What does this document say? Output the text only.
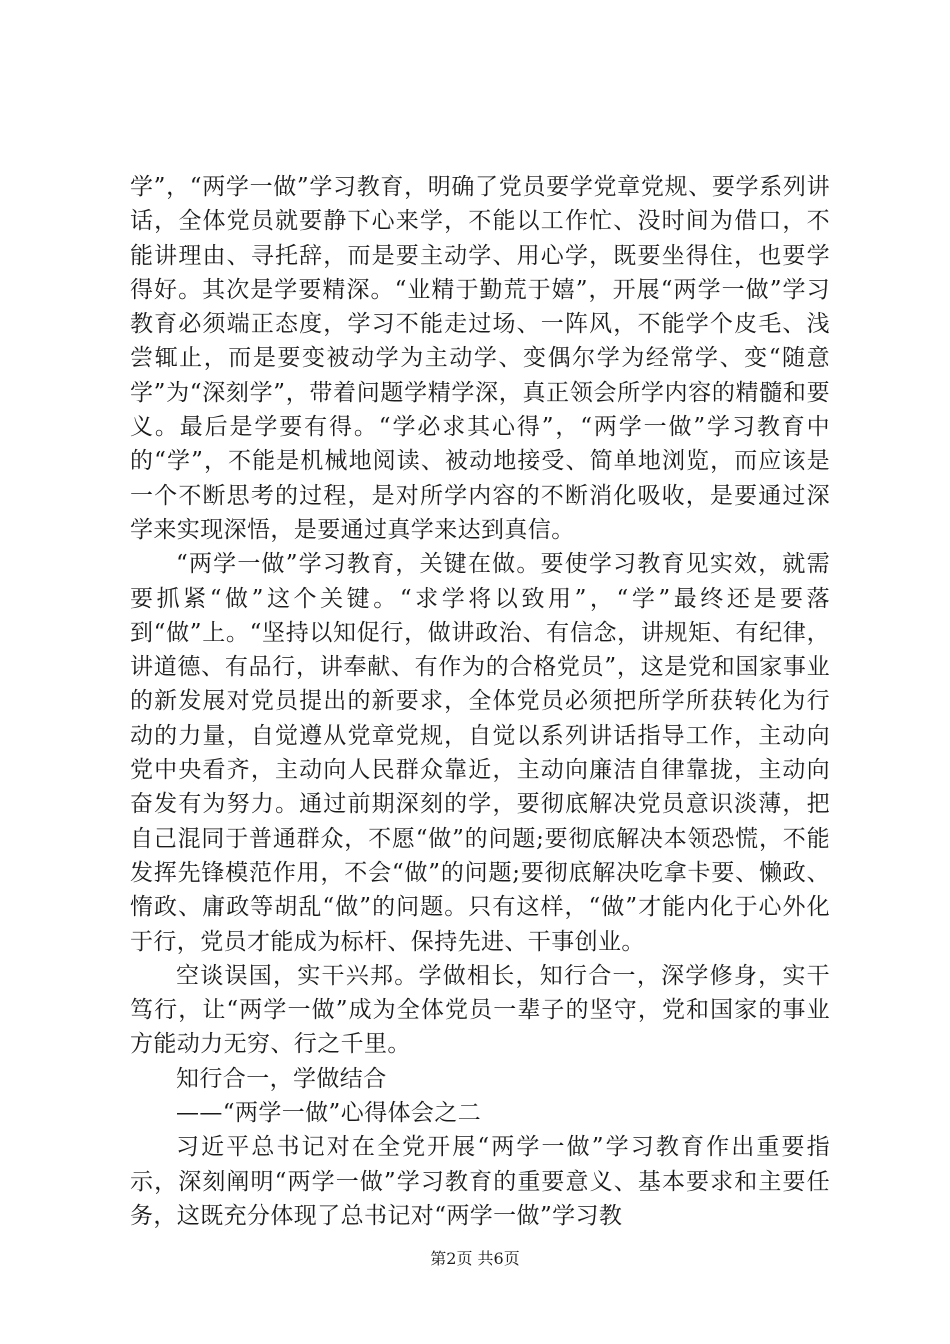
学”，“两学一做”学习教育，明确了党员要学党章党规、要学系列讲话，全体党员就要静下心来学，不能以工作忙、没时间为借口，不能讲理由、寻托辞，而是要主动学、用心学，既要坐得住，也要学得好。其次是学要精深。“业精于勤荒于嬉”，开展“两学一做”学习教育必须端正态度，学习不能走过场、一阵风，不能学个皮毛、浅尝辄止，而是要变被动学为主动学、变偶尔学为经常学、变“随意学”为“深刻学”，带着问题学精学深，真正领会所学内容的精髓和要义。最后是学要有得。“学必求其心得”，“两学一做”学习教育中的“学”，不能是机械地阅读、被动地接受、简单地浏览，而应该是一个不断思考的过程，是对所学内容的不断消化吸收，是要通过深学来实现深悟，是要通过真学来达到真信。

“两学一做”学习教育，关键在做。要使学习教育见实效，就需要抓紧“做”这个关键。“求学将以致用”，“学”最终还是要落到“做”上。“坚持以知促行，做讲政治、有信念，讲规矩、有纪律，讲道德、有品行，讲奉献、有作为的合格党员”，这是党和国家事业的新发展对党员提出的新要求，全体党员必须把所学所获转化为行动的力量，自觉遵从党章党规，自觉以系列讲话指导工作，主动向党中央看齐，主动向人民群众靠近，主动向廉洁自律靠拢，主动向奋发有为努力。通过前期深刻的学，要彻底解决党员意识淡薄，把自己混同于普通群众，不愿“做”的问题;要彻底解决本领恐慌，不能发挥先锋模范作用，不会“做”的问题;要彻底解决吃拿卡要、懒政、惰政、庸政等胡乱“做”的问题。只有这样，“做”才能内化于心外化于行，党员才能成为标杆、保持先进、干事创业。

空谈误国，实干兴邦。学做相长，知行合一，深学修身，实干笃行，让“两学一做”成为全体党员一辈子的坚守，党和国家的事业方能动力无穷、行之千里。

知行合一，学做结合

——“两学一做”心得体会之二

习近平总书记对在全党开展“两学一做”学习教育作出重要指示，深刻阐明“两学一做”学习教育的重要意义、基本要求和主要任务，这既充分体现了总书记对“两学一做”学习教

第2页 共6页
